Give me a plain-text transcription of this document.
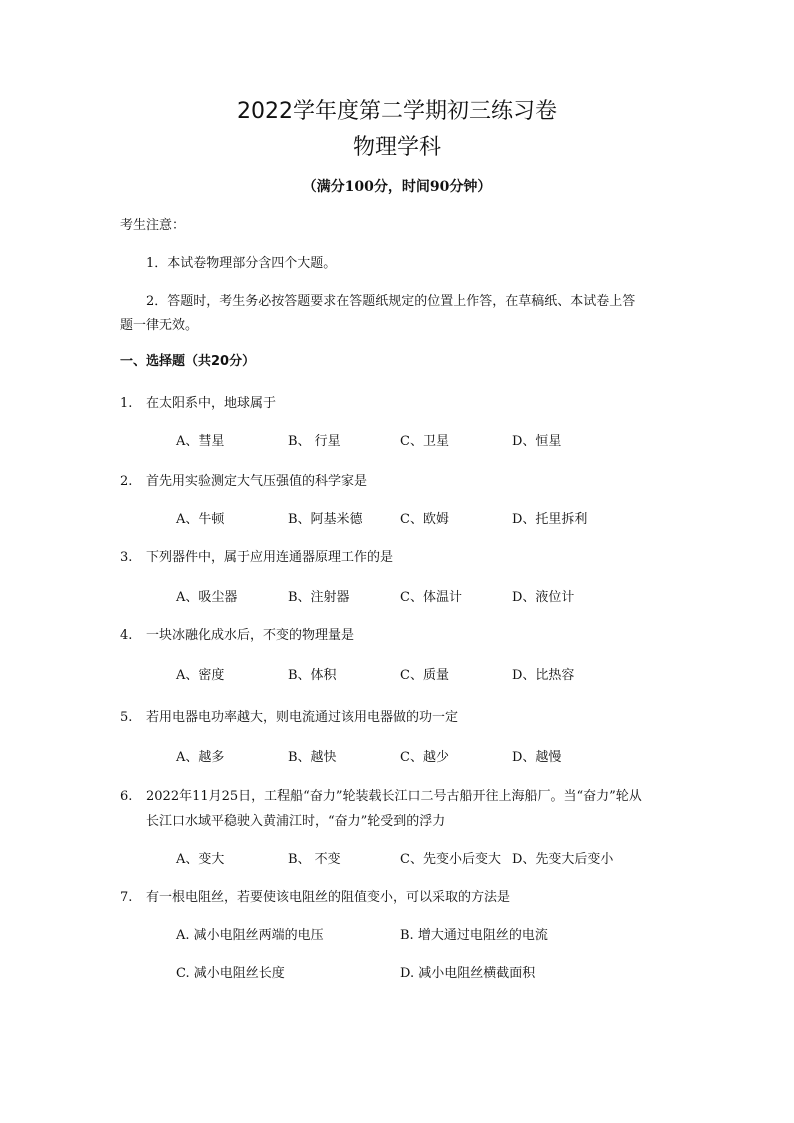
2022学年度第二学期初三练习卷
物理学科
（满分100分，时间90分钟）
考生注意：
1．本试卷物理部分含四个大题。
2．答题时，考生务必按答题要求在答题纸规定的位置上作答，在草稿纸、本试卷上答
题一律无效。
一、选择题（共20分）
1. 在太阳系中，地球属于
A、彗星	B、 行星	C、卫星	D、恒星
2. 首先用实验测定大气压强值的科学家是
A、牛顿	B、阿基米德	C、欧姆	D、托里拆利
3. 下列器件中，属于应用连通器原理工作的是
A、吸尘器	B、注射器	C、体温计	D、液位计
4. 一块冰融化成水后，不变的物理量是
A、密度	B、体积	C、质量	D、比热容
5. 若用电器电功率越大，则电流通过该用电器做的功一定
A、越多	B、越快	C、越少	D、越慢
6. 2022年11月25日，工程船“奋力”轮装载长江口二号古船开往上海船厂。当“奋力”轮从
长江口水域平稳驶入黄浦江时，“奋力”轮受到的浮力
A、变大	B、 不变	C、先变小后变大 D、先变大后变小
7. 有一根电阻丝，若要使该电阻丝的阻值变小，可以采取的方法是
A. 减小电阻丝两端的电压	B. 增大通过电阻丝的电流
C. 减小电阻丝长度	D. 减小电阻丝横截面积
